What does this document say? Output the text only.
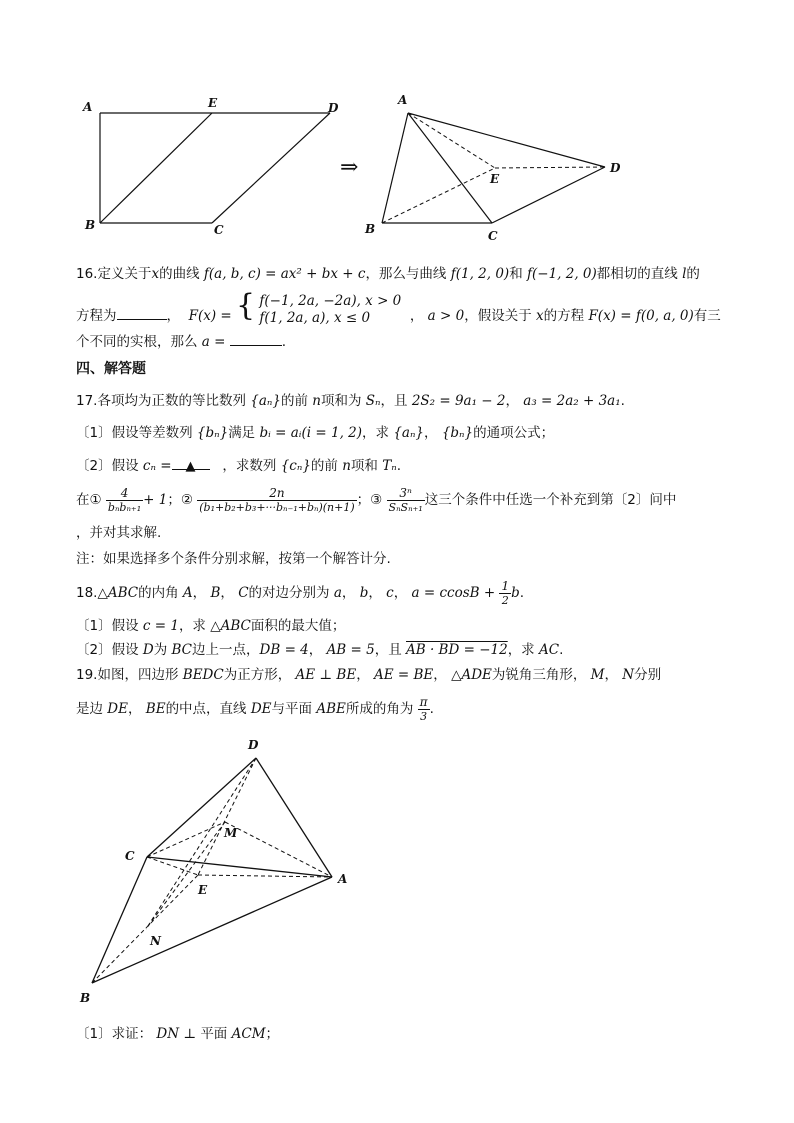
A	E	D
B	C
⇒
A
E
D
B	C
16.定义关于x的曲线 f(a, b, c) = ax² + bx + c，那么与曲线 f(1, 2, 0)和 f(−1, 2, 0)都相切的直线 l的
方程为	， F(x) = { f(−1, 2a, −2a), x > 0
f(1, 2a, a), x ≤ 0	， a > 0，假设关于 x的方程 F(x) = f(0, a, 0)有三
个不同的实根，那么 a =	.
四、解答题
17.各项均为正数的等比数列 {aₙ}的前 n项和为 Sₙ，且 2S₂ = 9a₁ − 2， a₃ = 2a₂ + 3a₁.
〔1〕假设等差数列 {bₙ}满足 bᵢ = aᵢ(i = 1, 2)，求 {aₙ}， {bₙ}的通项公式；
〔2〕假设 cₙ = ▲ ，求数列 {cₙ}的前 n项和 Tₙ.
在① $\frac{4}{\text{bₙbₙ₊₁}} + 1$；② $\frac{2n}{\text{(b₁+b₂+b₃+···bₙ₋₁+bₙ)(n+1)}}$ ；③ $\frac{\text{3ⁿ}}{\text{SₙSₙ₊₁}}$ 这三个条件中任选一个补充到第〔2〕问中
，并对其求解.
注：如果选择多个条件分别求解，按第一个解答计分.
18.△ABC的内角 A， B， C的对边分别为 a， b， c， $a = ccosB + \frac{1}{2} b$.
〔1〕假设 c = 1，求 △ABC面积的最大值；
〔2〕假设 D为 BC边上一点，DB = 4， AB = 5，且 AB · BD = −12，求 AC.
19.如图，四边形 BEDC为正方形， AE ⊥ BE， AE = BE， △ADE为锐角三角形， M， N分别
是边 DE， BE的中点，直线 DE与平面 ABE所成的角为 $\frac{\pi}{3}$ .
D
M
C
A
E
N
B
〔1〕求证： DN ⊥ 平面 ACM；
